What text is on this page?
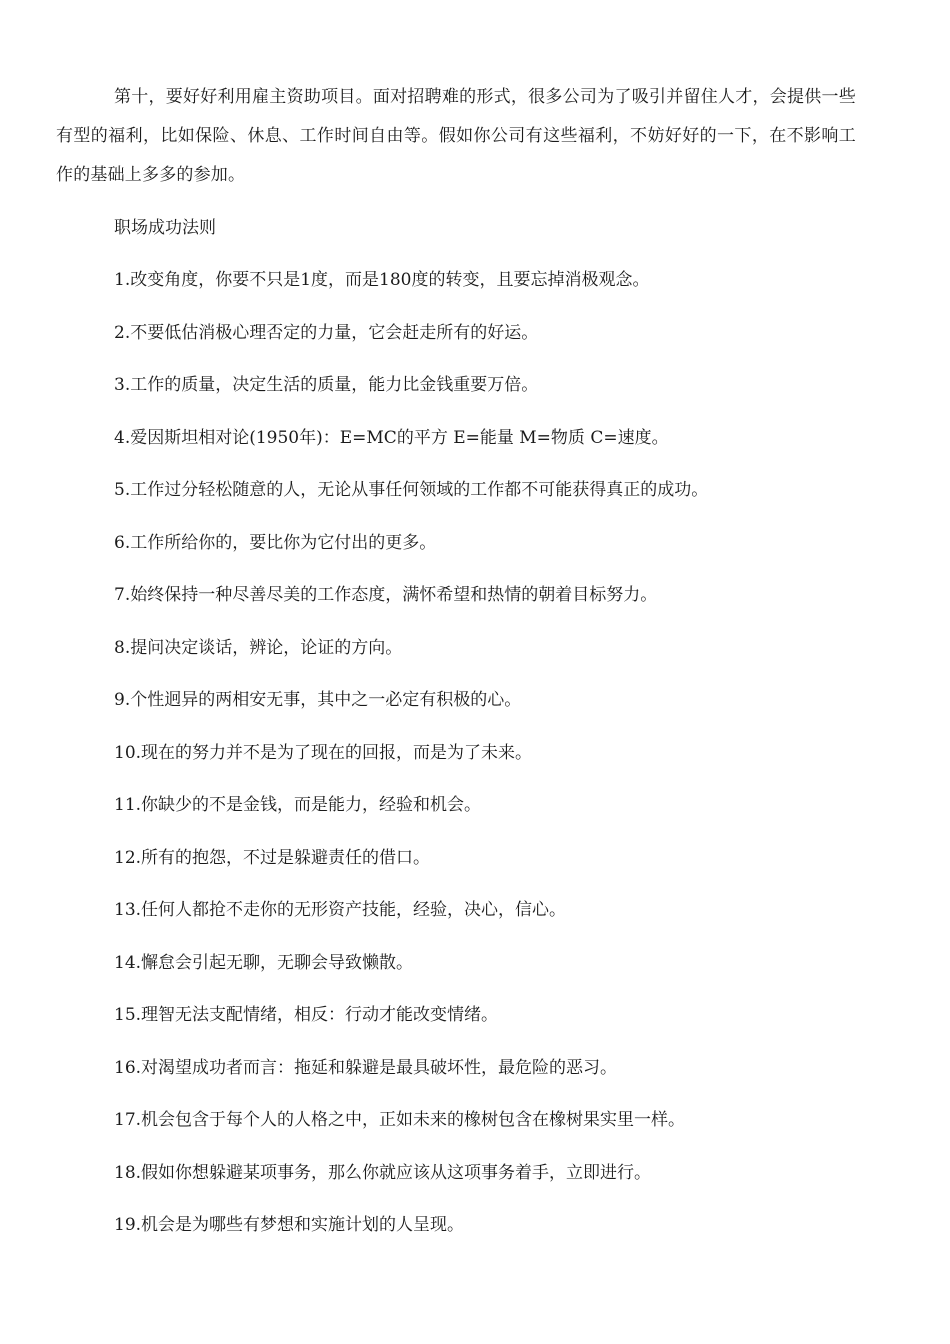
第十，要好好利用雇主资助项目。面对招聘难的形式，很多公司为了吸引并留住人才，会提供一些有型的福利，比如保险、休息、工作时间自由等。假如你公司有这些福利，不妨好好的一下，在不影响工作的基础上多多的参加。

职场成功法则

1.改变角度，你要不只是1度，而是180度的转变，且要忘掉消极观念。
2.不要低估消极心理否定的力量，它会赶走所有的好运。
3.工作的质量，决定生活的质量，能力比金钱重要万倍。
4.爱因斯坦相对论(1950年)：E=MC的平方 E=能量 M=物质 C=速度。
5.工作过分轻松随意的人，无论从事任何领域的工作都不可能获得真正的成功。
6.工作所给你的，要比你为它付出的更多。
7.始终保持一种尽善尽美的工作态度，满怀希望和热情的朝着目标努力。
8.提问决定谈话，辨论，论证的方向。
9.个性迥异的两相安无事，其中之一必定有积极的心。
10.现在的努力并不是为了现在的回报，而是为了未来。
11.你缺少的不是金钱，而是能力，经验和机会。
12.所有的抱怨，不过是躲避责任的借口。
13.任何人都抢不走你的无形资产技能，经验，决心，信心。
14.懈怠会引起无聊，无聊会导致懒散。
15.理智无法支配情绪，相反：行动才能改变情绪。
16.对渴望成功者而言：拖延和躲避是最具破坏性，最危险的恶习。
17.机会包含于每个人的人格之中，正如未来的橡树包含在橡树果实里一样。
18.假如你想躲避某项事务，那么你就应该从这项事务着手，立即进行。
19.机会是为哪些有梦想和实施计划的人呈现。
